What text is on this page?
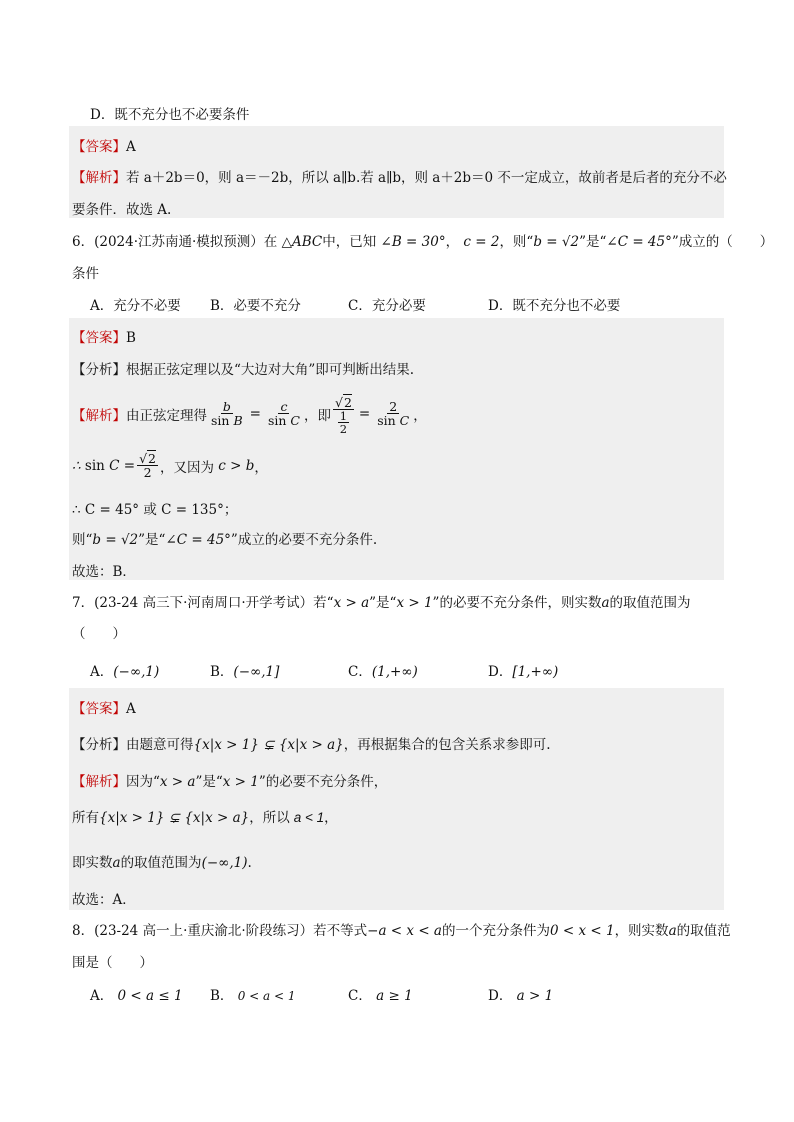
D．既不充分也不必要条件
【答案】A
【解析】若 a＋2b＝0，则 a＝－2b，所以 a∥b.若 a∥b，则 a＋2b＝0 不一定成立，故前者是后者的充分不必
要条件．故选 A.
6．(2024·江苏南通·模拟预测）在 △ABC中，已知 ∠B = 30°， c = 2，则“b = √2”是“∠C = 45°”成立的（　　）
条件
A．充分不必要 B．必要不充分	C．充分必要	D．既不充分也不必要
【答案】B
【分析】根据正弦定理以及“大边对大角”即可判断出结果.
【解析】 由正弦定理得 $\frac{b}{\text{sin B}} = \frac{c}{\text{sin C}}$ ，即 $\frac{√2}{\frac{1}{2}} = \frac{2}{\text{sin C}}$ ，
∴ $\sin C = \frac{√2}{2}$ ，又因为 c > b ，
∴ C = 45° 或 C = 135°；
则“b = √2”是“∠C = 45°”成立的必要不充分条件.
故选：B．
7．(23-24 高三下·河南周口·开学考试）若“x > a”是“x > 1”的必要不充分条件，则实数a的取值范围为
（　　）
A．(−∞,1)	B．(−∞,1]	C．(1,+∞)	D．[1,+∞)
【答案】A
【分析】由题意可得{x|x > 1} ⊊ {x|x > a}，再根据集合的包含关系求参即可.
【解析】因为“x > a”是“x > 1”的必要不充分条件，
所有{x|x > 1} ⊊ {x|x > a}，所以 a < 1，
即实数a的取值范围为(−∞,1).
故选：A．
8．(23-24 高一上·重庆渝北·阶段练习）若不等式−a < x < a的一个充分条件为0 < x < 1，则实数a的取值范
围是（　　）
A． 0 < a ≤ 1 B． 0 < a < 1	C． a ≥ 1	D． a > 1
